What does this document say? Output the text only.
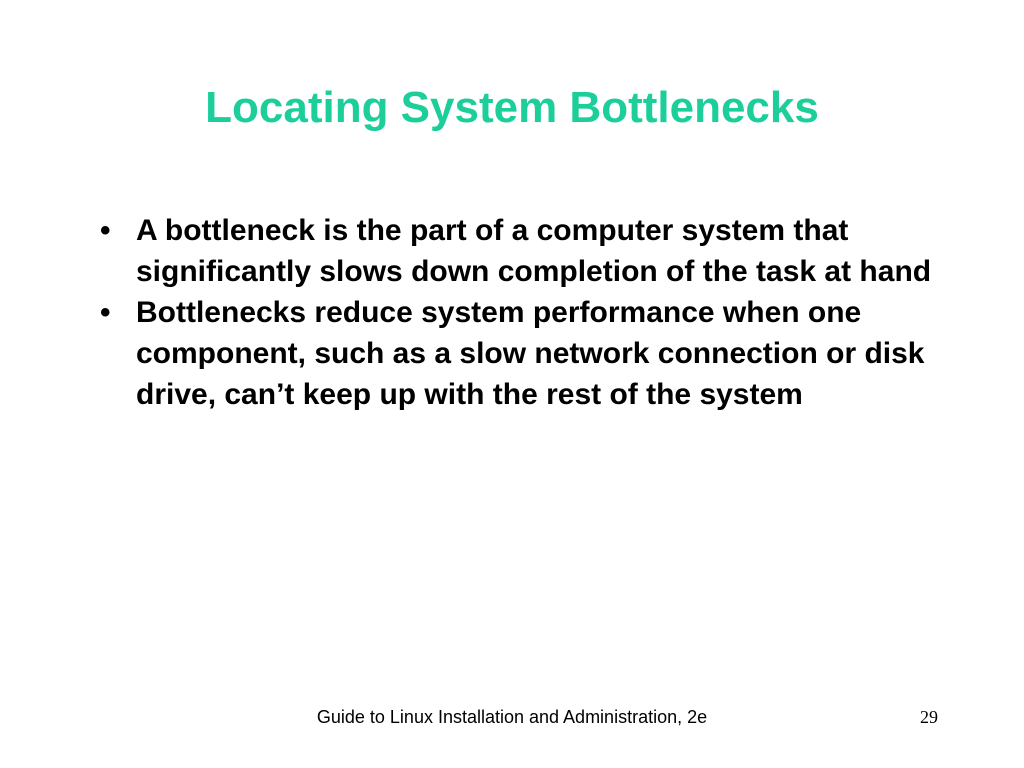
Locating System Bottlenecks
• A bottleneck is the part of a computer system that significantly slows down completion of the task at hand
• Bottlenecks reduce system performance when one component, such as a slow network connection or disk drive, can’t keep up with the rest of the system
Guide to Linux Installation and Administration, 2e	29
